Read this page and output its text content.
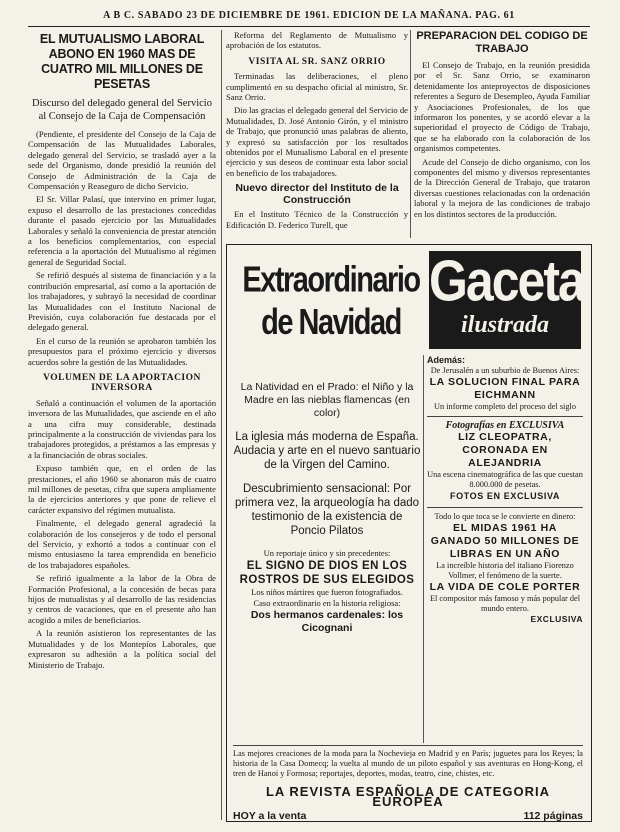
A B C. SABADO 23 DE DICIEMBRE DE 1961. EDICION DE LA MAÑANA. PAG. 61
EL MUTUALISMO LABORAL ABONO EN 1960 MAS DE CUATRO MIL MILLONES DE PESETAS
Discurso del delegado general del Servicio al Consejo de la Caja de Compensación

(Pendiente, el presidente del Consejo de la Caja de Compensación de las Mutualidades Laborales, delegado general del Servicio, se trasladó ayer a la sede del Organismo, donde presidió la reunión del Consejo de Administración de la Caja de Compensación y Reaseguro de dicho Servicio.

El Sr. Villar Palasí, que intervino en primer lugar, expuso el desarrollo de las prestaciones concedidas durante el pasado ejercicio por las Mutualidades Laborales y señaló la conveniencia de prestar atención a los beneficios complementarios, con especial referencia a la aportación del Mutualismo al régimen general de Seguridad Social.

Se refirió después al sistema de financiación y a la contribución empresarial, así como a la aportación de los trabajadores, y subrayó la necesidad de coordinar las Mutualidades con el Instituto Nacional de Previsión, cuya colaboración fue destacada por el delegado general.

En el curso de la reunión se aprobaron también los presupuestos para el próximo ejercicio y diversos acuerdos sobre la gestión de las Mutualidades.

VOLUMEN DE LA APORTACION INVERSORA

Señaló a continuación el volumen de la aportación inversora de las Mutualidades, que asciende en el año a una cifra muy considerable, destinada principalmente a la construcción de viviendas para los trabajadores protegidos, a préstamos a las empresas y a la financiación de obras sociales.

Expuso también que, en el orden de las prestaciones, el año 1960 se abonaron más de cuatro mil millones de pesetas, cifra que supera ampliamente la de ejercicios anteriores y que pone de relieve el carácter expansivo del régimen mutualista.

Finalmente, el delegado general agradeció la colaboración de los consejeros y de todo el personal del Servicio, y exhortó a todos a continuar con el mismo entusiasmo la tarea emprendida en beneficio de los trabajadores españoles.

Se refirió igualmente a la labor de la Obra de Formación Profesional, a la concesión de becas para hijos de mutualistas y al desarrollo de las residencias y centros de vacaciones, que en el presente año han acogido a miles de beneficiarios.

A la reunión asistieron los representantes de las Mutualidades y de los Montepíos Laborales, que expresaron su adhesión a la política social del Ministerio de Trabajo.

Reforma del Reglamento de Mutualismo y aprobación de los estatutos.

VISITA AL SR. SANZ ORRIO

Terminadas las deliberaciones, el pleno cumplimentó en su despacho oficial al ministro, Sr. Sanz Orrio.

Dio las gracias el delegado general del Servicio de Mutualidades, D. José Antonio Girón, y el ministro de Trabajo, que pronunció unas palabras de aliento, y expresó su satisfacción por los resultados obtenidos por el Mutualismo Laboral en el presente ejercicio y sus deseos de continuar esta labor social en beneficio de los trabajadores.

Nuevo director del Instituto de la Construcción

En el Instituto Técnico de la Construcción y Edificación D. Federico Turell, que

PREPARACION DEL CODIGO DE TRABAJO

El Consejo de Trabajo, en la reunión presidida por el Sr. Sanz Orrio, se examinaron detenidamente los anteproyectos de disposiciones referentes a Seguro de Desempleo, Ayuda Familiar y Asociaciones Profesionales, de los que informaron los ponentes, y se acordó elevar a la superioridad el proyecto de Código de Trabajo, que se ha elaborado con la colaboración de los organismos competentes.

Acude del Consejo de dicho organismo, con los componentes del mismo y diversos representantes de la Dirección General de Trabajo, que trataron diversas cuestiones relacionadas con la ordenación laboral y la mejora de las condiciones de trabajo en los distintos sectores de la producción.

Extraordinario de Navidad
Gaceta
ilustrada
La Natividad en el Prado: el Niño y la Madre en las nieblas flamencas (en color)
La iglesia más moderna de España. Audacia y arte en el nuevo santuario de la Virgen del Camino.
Descubrimiento sensacional: Por primera vez, la arqueología ha dado testimonio de la existencia de Poncio Pilatos
Un reportaje único y sin precedentes:
EL SIGNO DE DIOS EN LOS ROSTROS DE SUS ELEGIDOS
Los niños mártires que fueron fotografiados.
Caso extraordinario en la historia religiosa:
Dos hermanos cardenales: los Cicognani
Además:
De Jerusalén a un suburbio de Buenos Aires:
LA SOLUCION FINAL PARA EICHMANN
Un informe completo del proceso del siglo
Fotografías en EXCLUSIVA
LIZ CLEOPATRA, CORONADA EN ALEJANDRIA
Una escena cinematográfica de las que cuestan 8.000.000 de pesetas.
FOTOS EN EXCLUSIVA
Todo lo que toca se le convierte en dinero:
EL MIDAS 1961 HA GANADO 50 MILLONES DE LIBRAS EN UN AÑO
La increíble historia del italiano Fiorenzo Vollmer, el fenómeno de la suerte.
LA VIDA DE COLE PORTER
El compositor más famoso y más popular del mundo entero.
EXCLUSIVA
Las mejores creaciones de la moda para la Nochevieja en Madrid y en París; juguetes para los Reyes; la historia de la Casa Domecq; la vuelta al mundo de un piloto español y sus aventuras en Hong-Kong, el tren de Hanoi y Formosa; reportajes, deportes, modas, teatro, cine, chistes, etc.
LA REVISTA ESPAÑOLA DE CATEGORIA EUROPEA
HOY a la venta	112 páginas
